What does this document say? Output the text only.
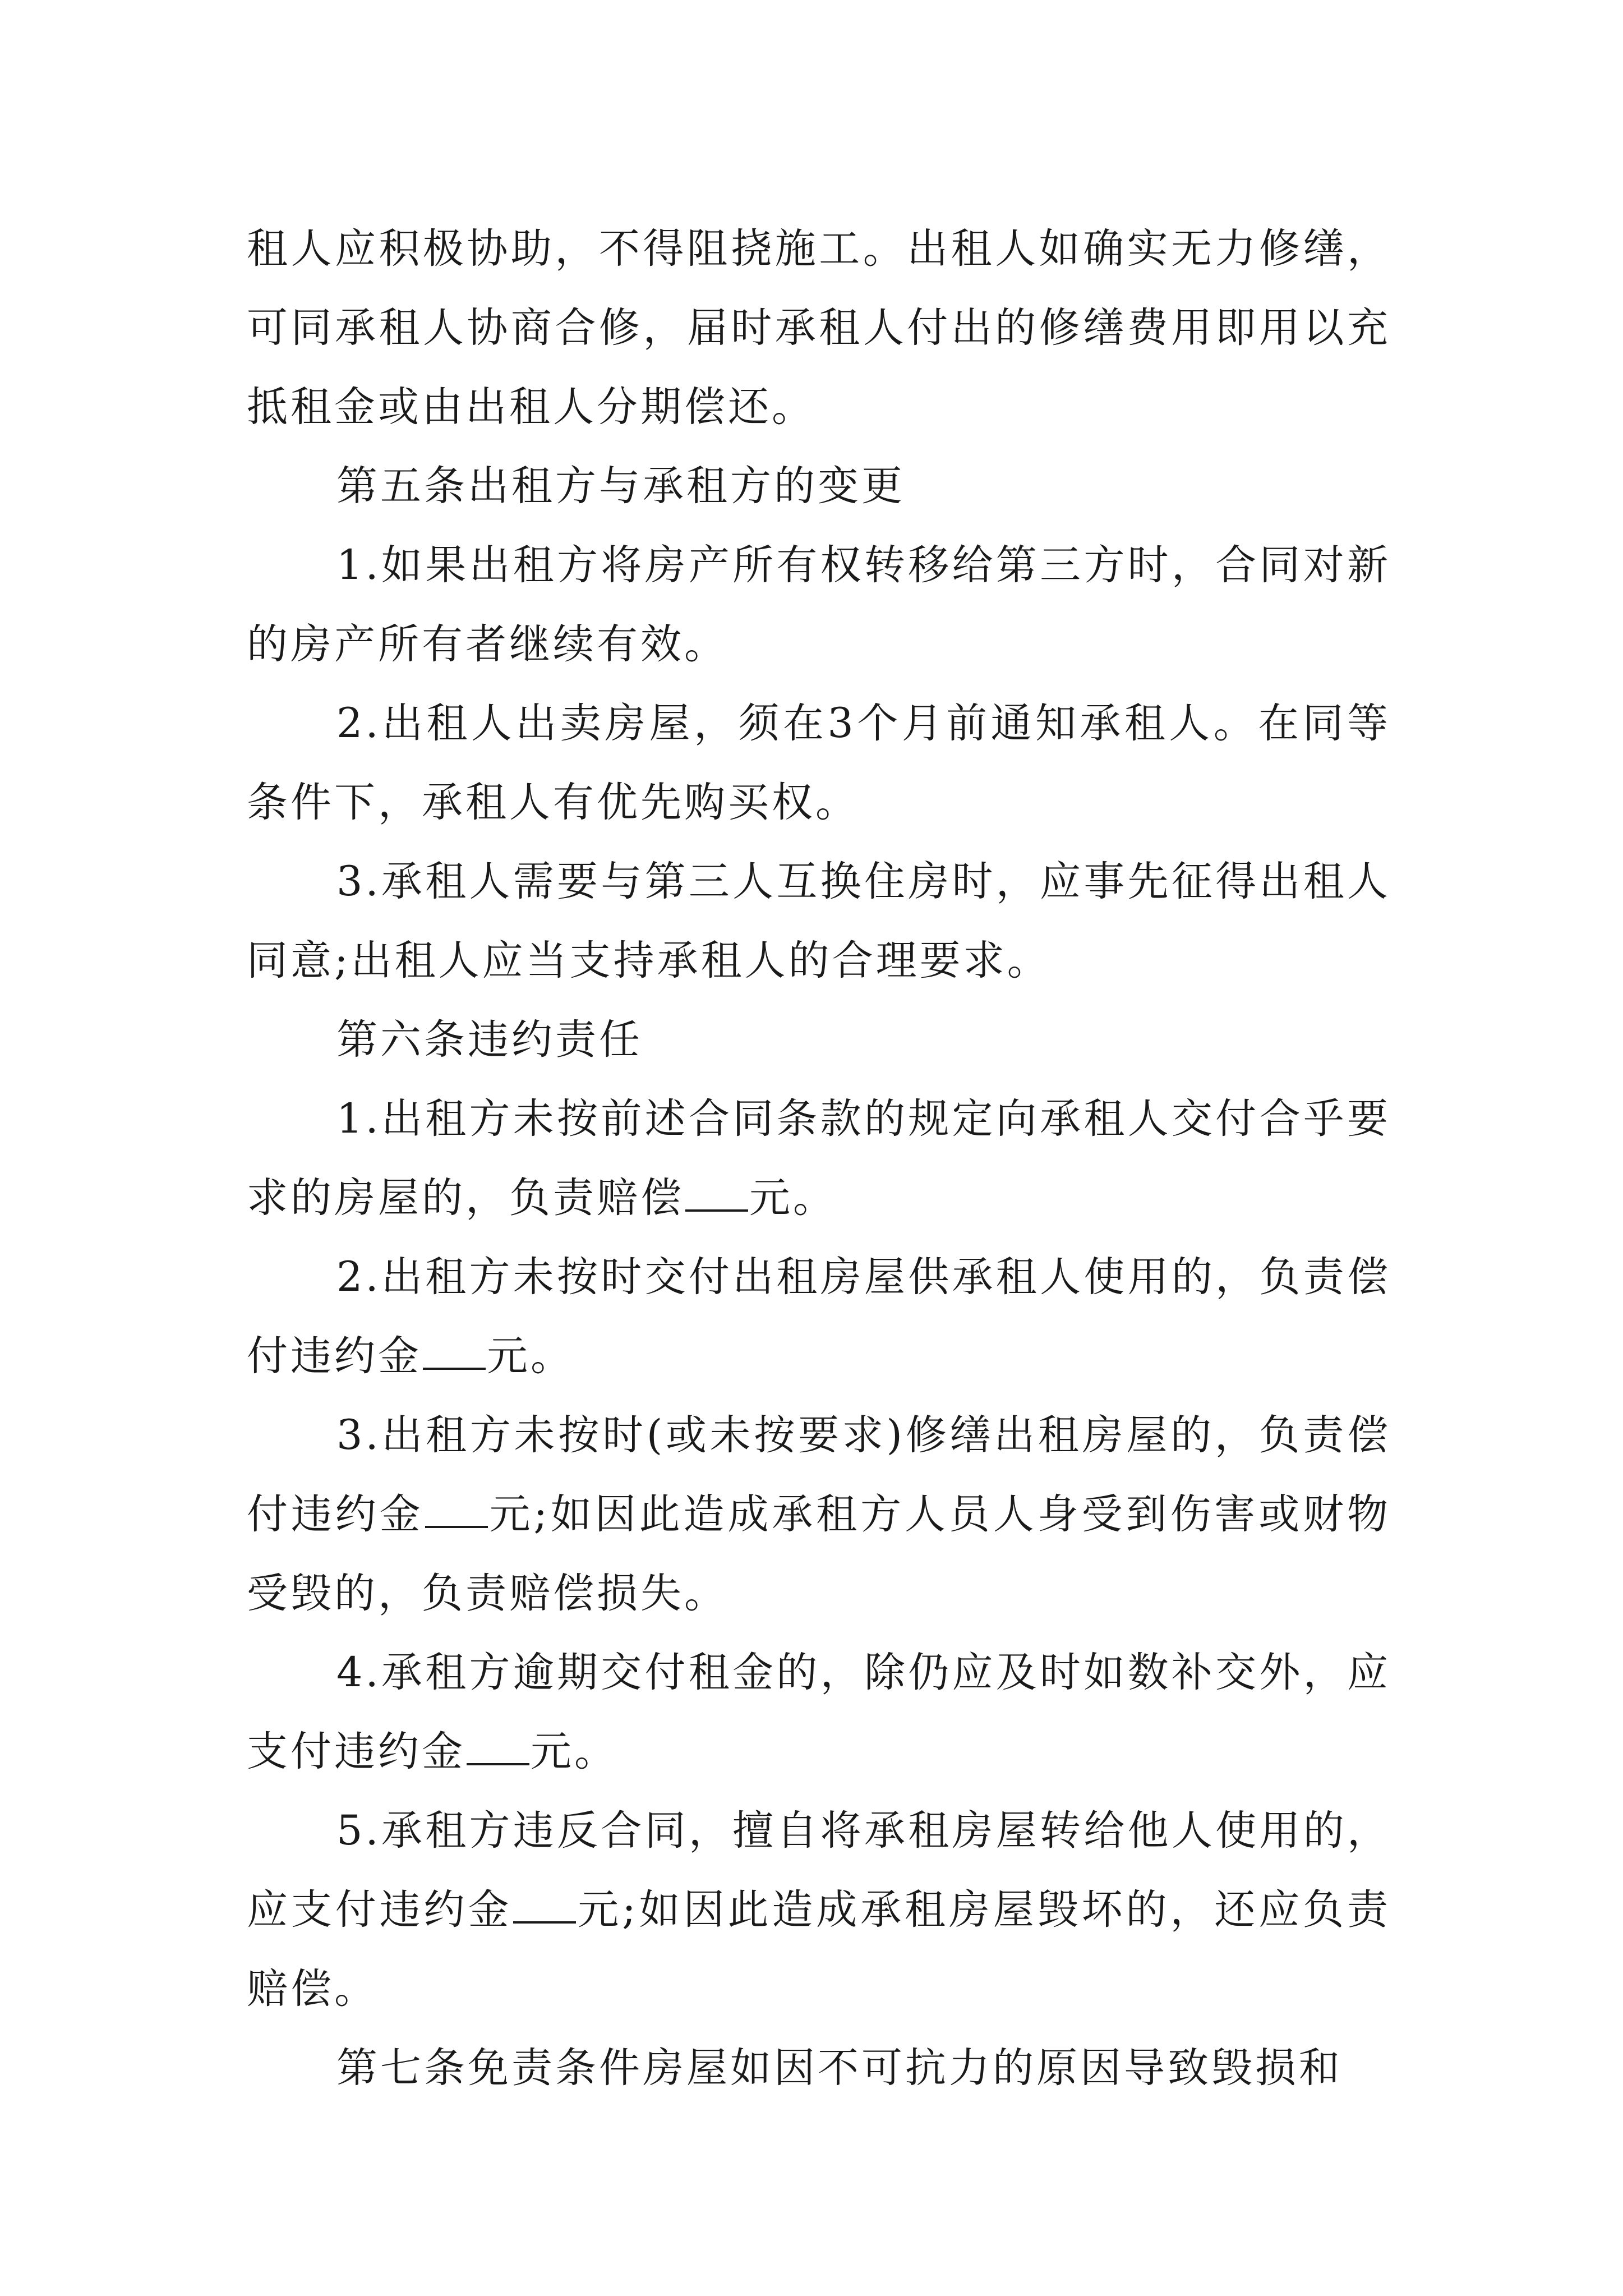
租人应积极协助，不得阻挠施工。出租人如确实无力修缮，可同承租人协商合修，届时承租人付出的修缮费用即用以充抵租金或由出租人分期偿还。

第五条出租方与承租方的变更

1.如果出租方将房产所有权转移给第三方时，合同对新的房产所有者继续有效。

2.出租人出卖房屋，须在3个月前通知承租人。在同等条件下，承租人有优先购买权。

3.承租人需要与第三人互换住房时，应事先征得出租人同意;出租人应当支持承租人的合理要求。

第六条违约责任

1.出租方未按前述合同条款的规定向承租人交付合乎要求的房屋的，负责赔偿 元。

2.出租方未按时交付出租房屋供承租人使用的，负责偿付违约金 元。

3.出租方未按时(或未按要求)修缮出租房屋的，负责偿付违约金 元;如因此造成承租方人员人身受到伤害或财物受毁的，负责赔偿损失。

4.承租方逾期交付租金的，除仍应及时如数补交外，应支付违约金 元。

5.承租方违反合同，擅自将承租房屋转给他人使用的，应支付违约金 元;如因此造成承租房屋毁坏的，还应负责赔偿。

第七条免责条件房屋如因不可抗力的原因导致毁损和
